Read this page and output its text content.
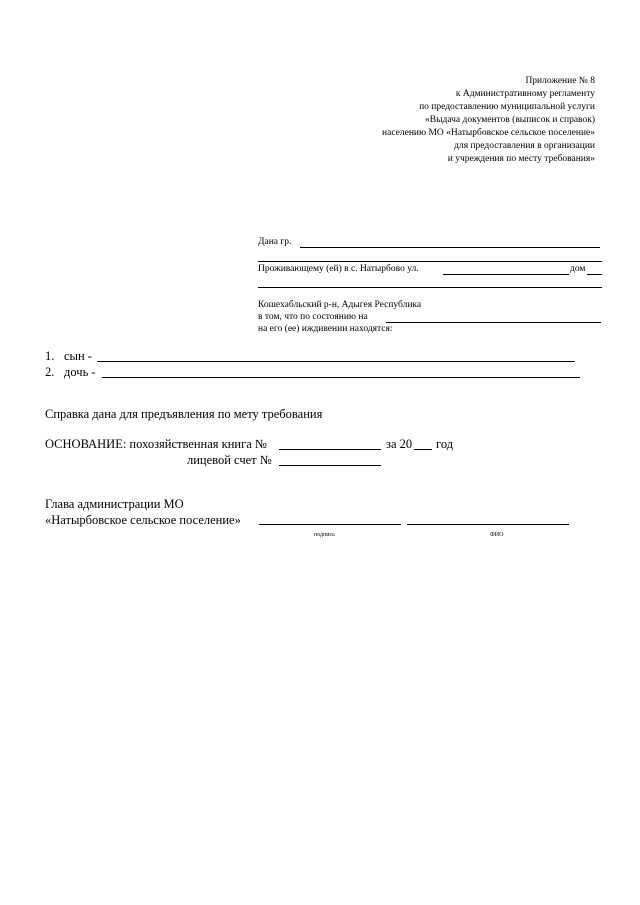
Приложение № 8
к Административному регламенту
по предоставлению муниципальной услуги
«Выдача документов (выписок и справок)
населению МО «Натырбовское сельское поселение»
для предоставления в организации
и учреждения по месту требования»
Дана гр.
Проживающему (ей) в с. Натырбово ул.	дом
Кошехабльский р-н, Адыгея Республика
в том, что по состоянию на
на его (ее) иждивении находятся:
1. сын -
2. дочь -
Справка дана для предъявления по мету требования
ОСНОВАНИЕ: похозяйственная книга №	за 20 год
лицевой счет №
Глава администрации МО
«Натырбовское сельское поселение»
подпись	ФИО
